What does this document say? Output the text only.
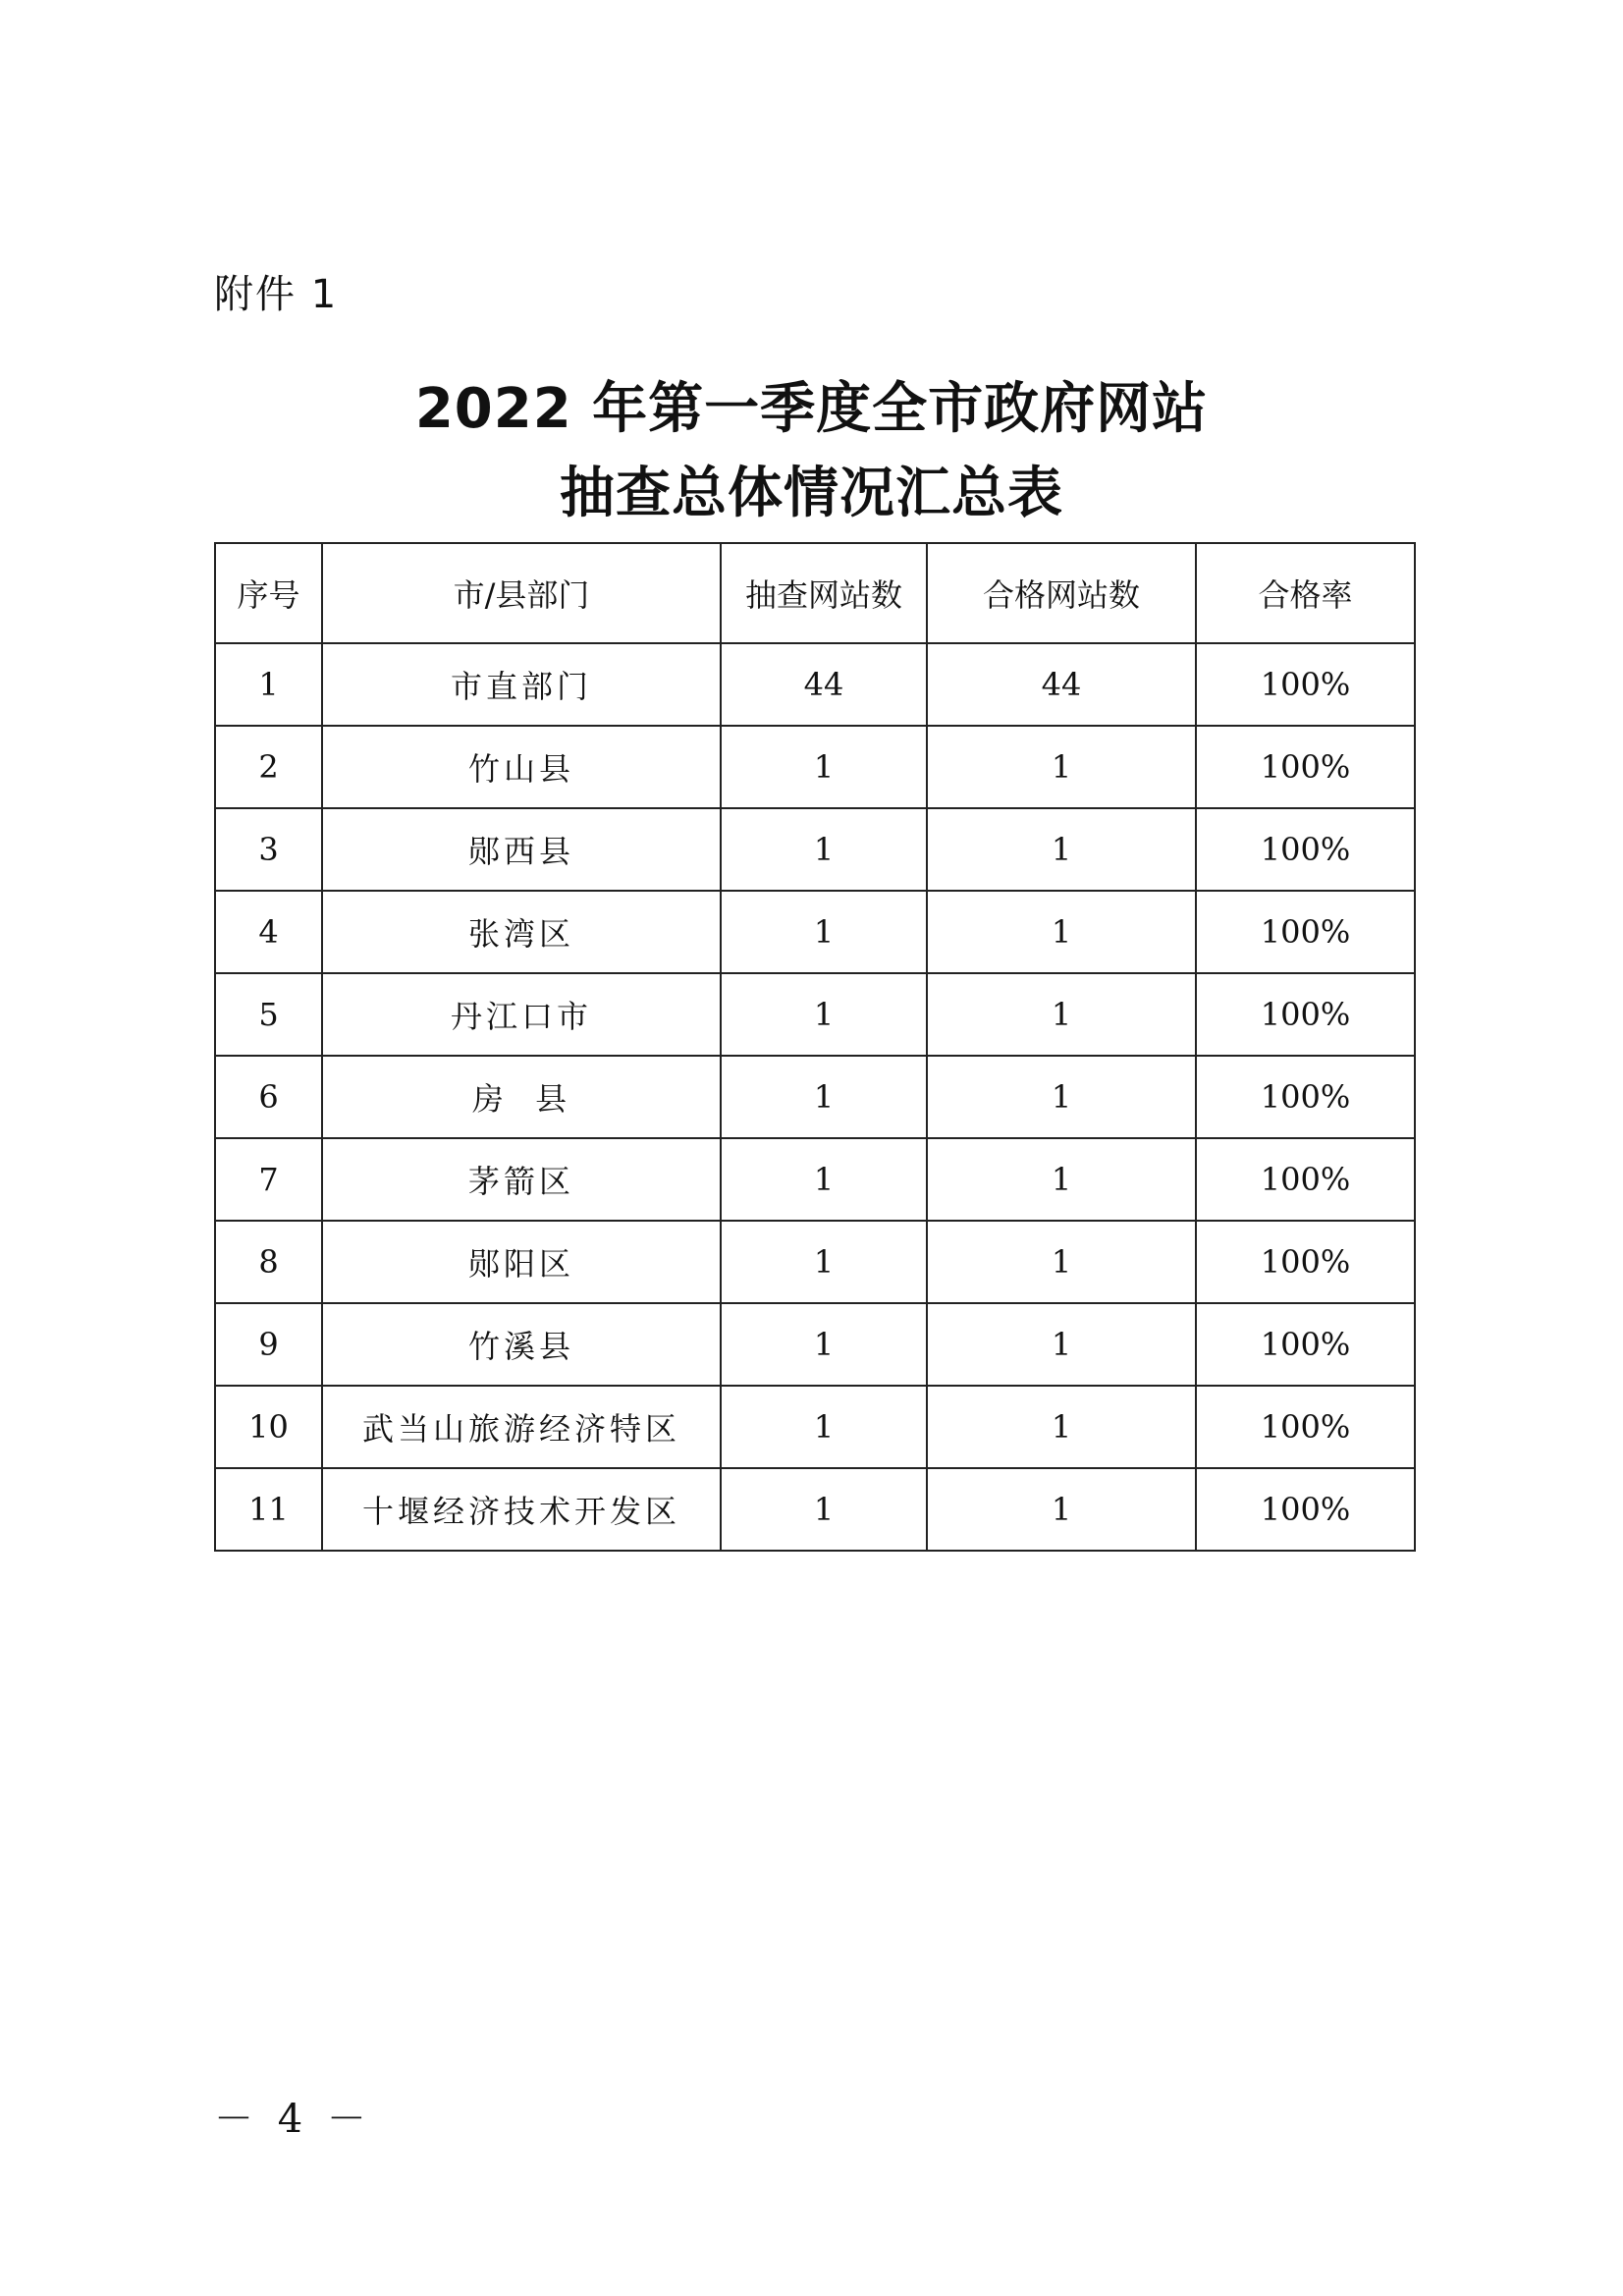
附件 1
2022 年第一季度全市政府网站
抽查总体情况汇总表
序号	市/县部门	抽查网站数	合格网站数	合格率
1	市直部门	44	44	100%
2	竹山县	1	1	100%
3	郧西县	1	1	100%
4	张湾区	1	1	100%
5	丹江口市	1	1	100%
6	房  县	1	1	100%
7	茅箭区	1	1	100%
8	郧阳区	1	1	100%
9	竹溪县	1	1	100%
10	武当山旅游经济特区	1	1	100%
11	十堰经济技术开发区	1	1	100%
－ 4 －
